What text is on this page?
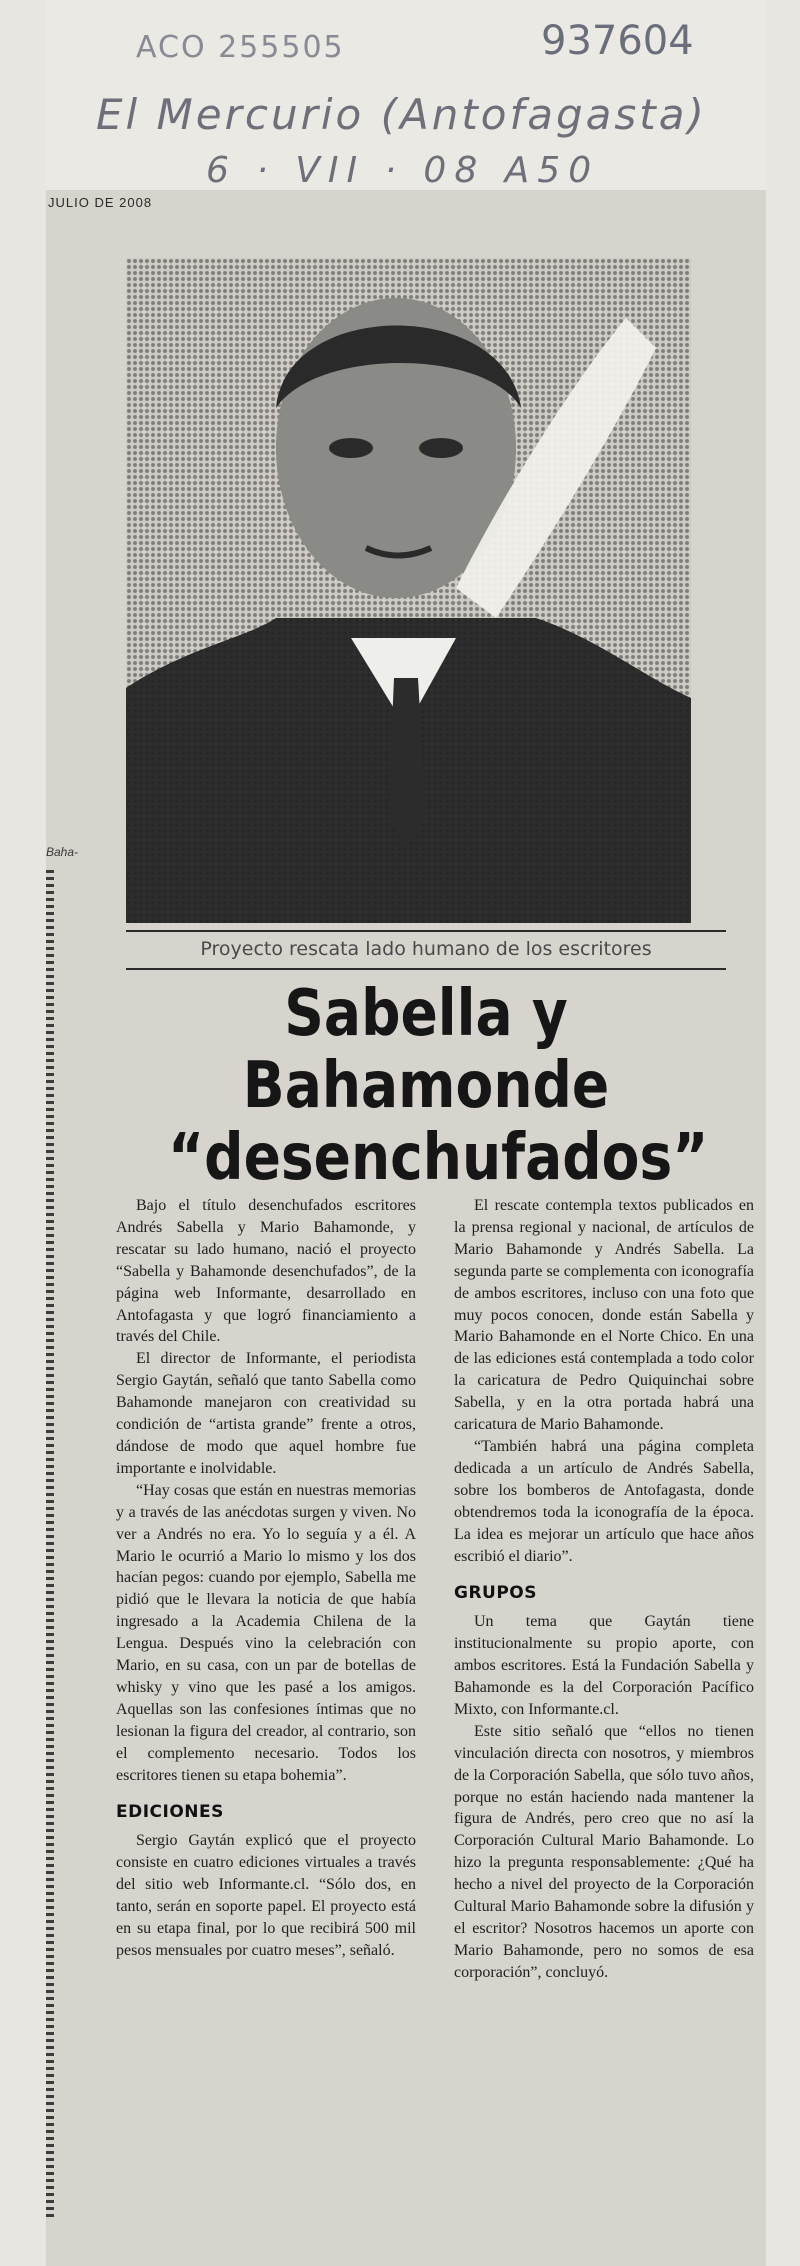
ACO 255505	937604
El Mercurio (Antofagasta)
6 · VII · 08 A50
JULIO DE 2008
Baha-
Proyecto rescata lado humano de los escritores
Sabella y Bahamonde
“desenchufados”

Bajo el título desenchufados escritores Andrés Sabella y Mario Bahamonde, y rescatar su lado humano, nació el proyecto “Sabella y Bahamonde desenchufados”, de la página web Informante, desarrollado en Antofagasta y que logró financiamiento a través del Chile.

El director de Informante, el periodista Sergio Gaytán, señaló que tanto Sabella como Bahamonde manejaron con creatividad su condición de “artista grande” frente a otros, dándose de modo que aquel hombre fue importante e inolvidable.

“Hay cosas que están en nuestras memorias y a través de las anécdotas surgen y viven. No ver a Andrés no era. Yo lo seguía y a él. A Mario le ocurrió a Mario lo mismo y los dos hacían pegos: cuando por ejemplo, Sabella me pidió que le llevara la noticia de que había ingresado a la Academia Chilena de la Lengua. Después vino la celebración con Mario, en su casa, con un par de botellas de whisky y vino que les pasé a los amigos. Aquellas son las confesiones íntimas que no lesionan la figura del creador, al contrario, son el complemento necesario. Todos los escritores tienen su etapa bohemia”.

EDICIONES

Sergio Gaytán explicó que el proyecto consiste en cuatro ediciones virtuales a través del sitio web Informante.cl. “Sólo dos, en tanto, serán en soporte papel. El proyecto está en su etapa final, por lo que recibirá 500 mil pesos mensuales por cuatro meses”, señaló.

El rescate contempla textos publicados en la prensa regional y nacional, de artículos de Mario Bahamonde y Andrés Sabella. La segunda parte se complementa con iconografía de ambos escritores, incluso con una foto que muy pocos conocen, donde están Sabella y Mario Bahamonde en el Norte Chico. En una de las ediciones está contemplada a todo color la caricatura de Pedro Quiquinchai sobre Sabella, y en la otra portada habrá una caricatura de Mario Bahamonde.

“También habrá una página completa dedicada a un artículo de Andrés Sabella, sobre los bomberos de Antofagasta, donde obtendremos toda la iconografía de la época. La idea es mejorar un artículo que hace años escribió el diario”.

GRUPOS

Un tema que Gaytán tiene institucionalmente su propio aporte, con ambos escritores. Está la Fundación Sabella y Bahamonde es la del Corporación Pacífico Mixto, con Informante.cl.

Este sitio señaló que “ellos no tienen vinculación directa con nosotros, y miembros de la Corporación Sabella, que sólo tuvo años, porque no están haciendo nada mantener la figura de Andrés, pero creo que no así la Corporación Cultural Mario Bahamonde. Lo hizo la pregunta responsablemente: ¿Qué ha hecho a nivel del proyecto de la Corporación Cultural Mario Bahamonde sobre la difusión y el escritor? Nosotros hacemos un aporte con Mario Bahamonde, pero no somos de esa corporación”, concluyó.
